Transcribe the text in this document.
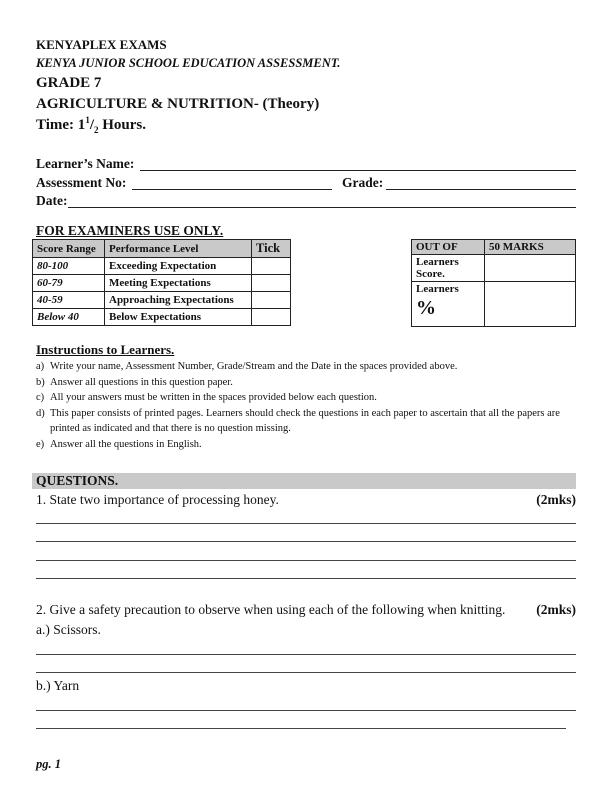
KENYAPLEX EXAMS
KENYA JUNIOR SCHOOL EDUCATION ASSESSMENT.
GRADE 7
AGRICULTURE & NUTRITION- (Theory)
Time: $1^1/_2$ Hours.
Learner’s Name:
Assessment No:	Grade:
Date:
FOR EXAMINERS USE ONLY.
Score Range	Performance Level	Tick
80-100	Exceeding Expectation	
60-79	Meeting Expectations	
40-59	Approaching Expectations	
Below 40	Below Expectations	
OUT OF	50 MARKS
Learners Score.	
Learners
%	

Instructions to Learners.
a) Write your name, Assessment Number, Grade/Stream and the Date in the spaces provided above.
b) Answer all questions in this question paper.
c) All your answers must be written in the spaces provided below each question.
d) This paper consists of printed pages. Learners should check the questions in each paper to ascertain that all the papers are printed as indicated and that there is no question missing.
e) Answer all the questions in English.
QUESTIONS.
1. State two importance of processing honey.	(2mks)
2. Give a safety precaution to observe when using each of the following when knitting.	(2mks)
a.) Scissors.
b.) Yarn
pg. 1
